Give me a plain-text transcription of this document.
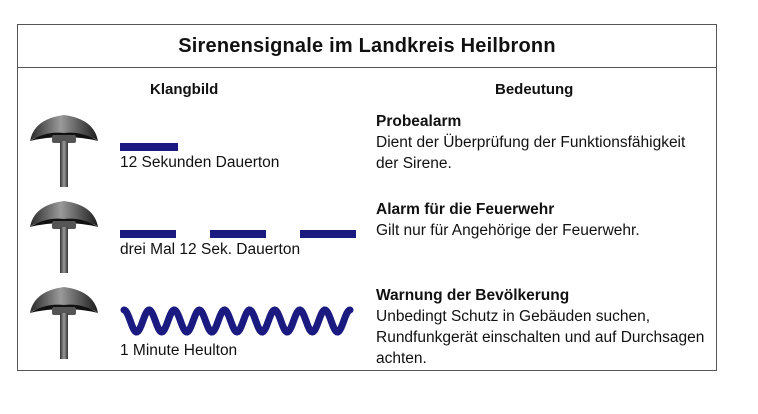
Sirenensignale im Landkreis Heilbronn
Klangbild	Bedeutung
12 Sekunden Dauerton
Probealarm
Dient der Überprüfung der Funktionsfähigkeit der Sirene.
drei Mal 12 Sek. Dauerton
Alarm für die Feuerwehr
Gilt nur für Angehörige der Feuerwehr.
1 Minute Heulton
Warnung der Bevölkerung
Unbedingt Schutz in Gebäuden suchen, Rundfunkgerät einschalten und auf Durchsagen achten.
